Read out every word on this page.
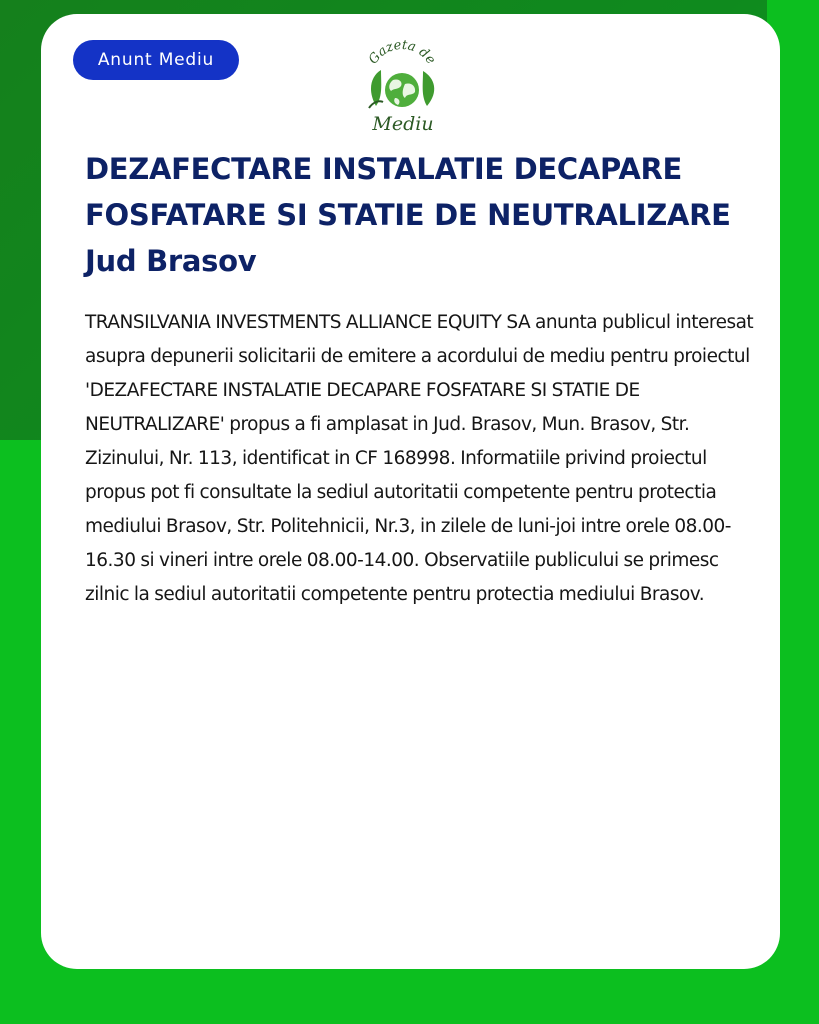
Anunt Mediu	Gazeta de
Mediu
DEZAFECTARE INSTALATIE DECAPARE FOSFATARE SI STATIE DE NEUTRALIZARE Jud Brasov

TRANSILVANIA INVESTMENTS ALLIANCE EQUITY SA anunta publicul interesat asupra depunerii solicitarii de emitere a acordului de mediu pentru proiectul 'DEZAFECTARE INSTALATIE DECAPARE FOSFATARE SI STATIE DE NEUTRALIZARE' propus a fi amplasat in Jud. Brasov, Mun. Brasov, Str. Zizinului, Nr. 113, identificat in CF 168998. Informatiile privind proiectul propus pot fi consultate la sediul autoritatii competente pentru protectia mediului Brasov, Str. Politehnicii, Nr.3, in zilele de luni-joi intre orele 08.00-16.30 si vineri intre orele 08.00-14.00. Observatiile publicului se primesc zilnic la sediul autoritatii competente pentru protectia mediului Brasov.
